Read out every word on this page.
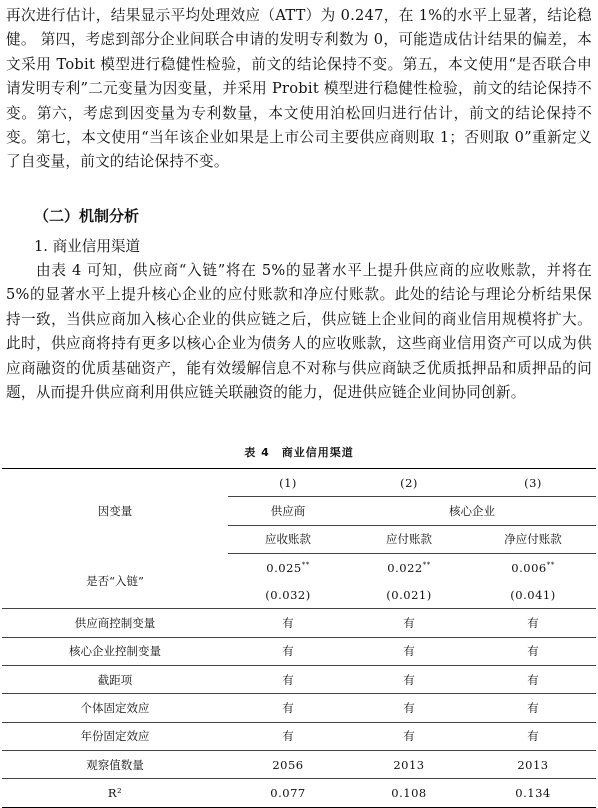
再次进行估计，结果显示平均处理效应（ATT）为 0.247，在 1%的水平上显著，结论稳健。 第四，考虑到部分企业间联合申请的发明专利数为 0，可能造成估计结果的偏差，本文采用 Tobit 模型进行稳健性检验，前文的结论保持不变。第五，本文使用“是否联合申请发明专利”二元变量为因变量，并采用 Probit 模型进行稳健性检验，前文的结论保持不变。第六，考虑到因变量为专利数量，本文使用泊松回归进行估计，前文的结论保持不变。第七，本文使用“当年该企业如果是上市公司主要供应商则取 1；否则取 0”重新定义了自变量，前文的结论保持不变。

（二）机制分析
1. 商业信用渠道

由表 4 可知，供应商“入链”将在 5%的显著水平上提升供应商的应收账款，并将在 5%的显著水平上提升核心企业的应付账款和净应付账款。此处的结论与理论分析结果保持一致，当供应商加入核心企业的供应链之后，供应链上企业间的商业信用规模将扩大。此时，供应商将持有更多以核心企业为债务人的应收账款，这些商业信用资产可以成为供应商融资的优质基础资产，能有效缓解信息不对称与供应商缺乏优质抵押品和质押品的问题，从而提升供应商利用供应链关联融资的能力，促进供应链企业间协同创新。

表 4　商业信用渠道
因变量	(1)	(2)	(3)
	供应商	核心企业	
	应收账款	应付账款	净应付账款
是否“入链”	0.025**	0.022**	0.006**
	(0.032)	(0.021)	(0.041)
供应商控制变量	有	有	有
核心企业控制变量	有	有	有
截距项	有	有	有
个体固定效应	有	有	有
年份固定效应	有	有	有
观察值数量	2056	2013	2013
R²	0.077	0.108	0.134
